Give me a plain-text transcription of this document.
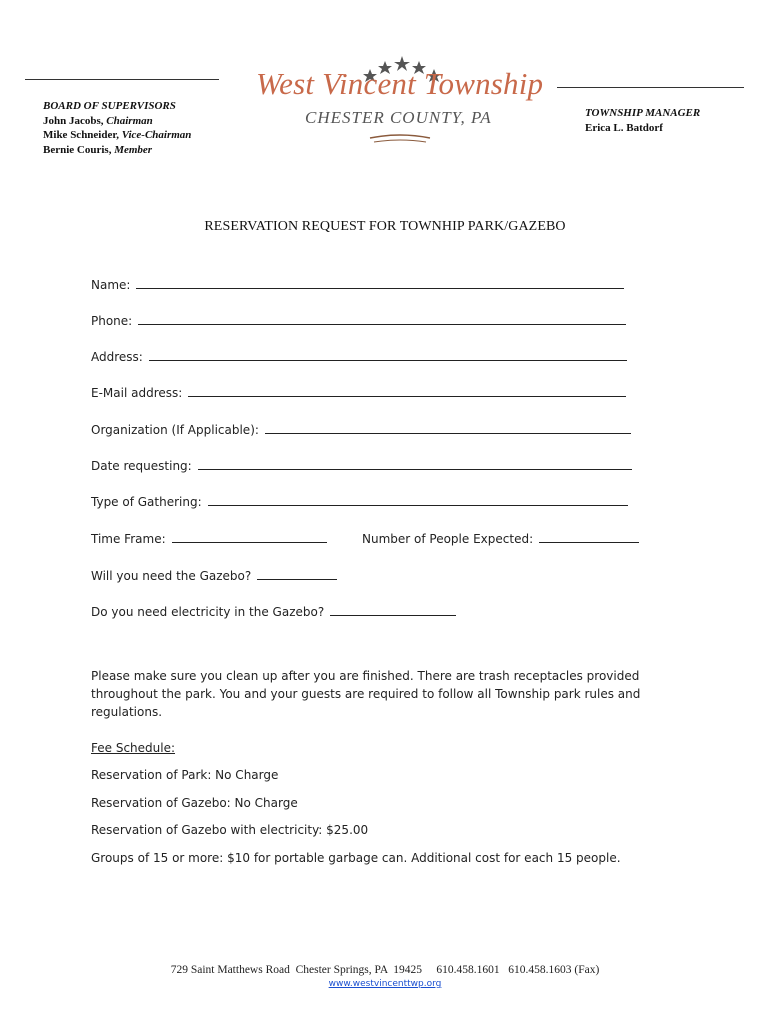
BOARD OF SUPERVISORS
John Jacobs, Chairman
Mike Schneider, Vice-Chairman
Bernie Couris, Member
West Vincent Township
CHESTER COUNTY, PA	TOWNSHIP MANAGER
Erica L. Batdorf
RESERVATION REQUEST FOR TOWNHIP PARK/GAZEBO
Name:
Phone:
Address:
E-Mail address:
Organization (If Applicable):
Date requesting:
Type of Gathering:
Time Frame:	Number of People Expected:
Will you need the Gazebo?
Do you need electricity in the Gazebo?
Please make sure you clean up after you are finished. There are trash receptacles provided throughout the park. You and your guests are required to follow all Township park rules and regulations.
Fee Schedule:
Reservation of Park: No Charge
Reservation of Gazebo: No Charge
Reservation of Gazebo with electricity: $25.00
Groups of 15 or more: $10 for portable garbage can. Additional cost for each 15 people.
729 Saint Matthews Road  Chester Springs, PA  19425     610.458.1601   610.458.1603 (Fax)
www.westvincenttwp.org
